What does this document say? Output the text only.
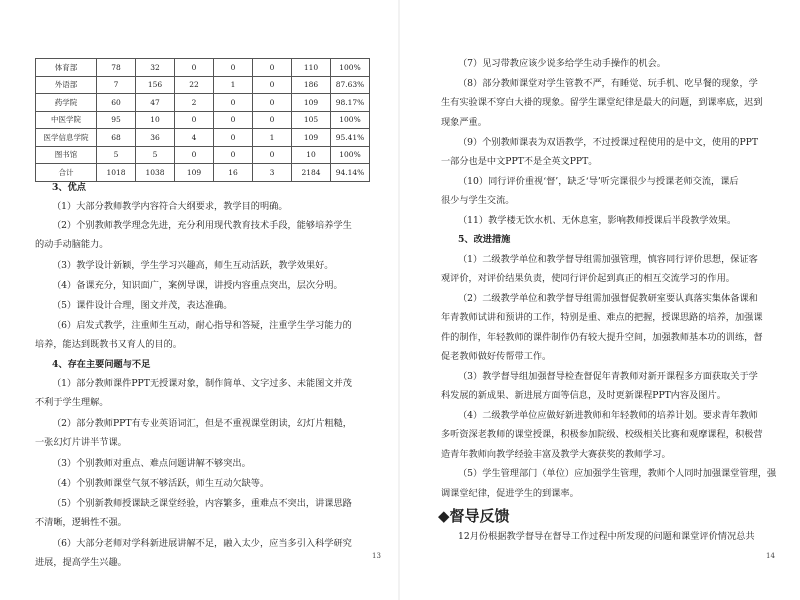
体育部	78	32	0	0	0	110	100%
外语部	7	156	22	1	0	186	87.63%
药学院	60	47	2	0	0	109	98.17%
中医学院	95	10	0	0	0	105	100%
医学信息学院	68	36	4	0	1	109	95.41%
图书馆	5	5	0	0	0	10	100%
合计	1018	1038	109	16	3	2184	94.14%
3、优点
（1）大部分教师教学内容符合大纲要求，教学目的明确。
（2）个别教师教学理念先进，充分利用现代教育技术手段，能够培养学生
的动手动脑能力。
（3）教学设计新颖，学生学习兴趣高，师生互动活跃，教学效果好。
（4）备课充分，知识面广，案例导课，讲授内容重点突出，层次分明。
（5）课件设计合理，图文并茂，表达准确。
（6）启发式教学，注重师生互动，耐心指导和答疑，注重学生学习能力的
培养，能达到既教书又育人的目的。
4、存在主要问题与不足
（1）部分教师课件PPT无授课对象，制作简单、文字过多、未能图文并茂
不利于学生理解。
（2）部分教师PPT有专业英语词汇，但是不重视课堂朗读，幻灯片粗糙，
一张幻灯片讲半节课。
（3）个别教师对重点、难点问题讲解不够突出。
（4）个别教师课堂气氛不够活跃，师生互动欠缺等。
（5）个别新教师授课缺乏课堂经验，内容繁多，重难点不突出，讲课思路
不清晰，逻辑性不强。
（6）大部分老师对学科新进展讲解不足，融入太少，应当多引入科学研究
进展，提高学生兴趣。
13
（7）见习带教应该少说多给学生动手操作的机会。
（8）部分教师课堂对学生管教不严，有睡觉、玩手机、吃早餐的现象，学
生有实验课不穿白大褂的现象。留学生课堂纪律是最大的问题，到课率底，迟到
现象严重。
（9）个别教师课表为双语教学，不过授课过程使用的是中文，使用的PPT
一部分也是中文PPT不是全英文PPT。
（10）同行评价重视‘督’，缺乏‘导’听完课很少与授课老师交流，课后
很少与学生交流。
（11）教学楼无饮水机、无休息室，影响教师授课后半段教学效果。
5、改进措施
（1）二级教学单位和教学督导组需加强管理，慎容同行评价思想，保证客
观评价，对评价结果负责，使同行评价起到真正的相互交流学习的作用。
（2）二级教学单位和教学督导组需加强督促教研室要认真落实集体备课和
年青教师试讲和预讲的工作，特别是重、难点的把握，授课思路的培养，加强课
件的制作，年轻教师的课件制作仍有较大提升空间，加强教师基本功的训练，督
促老教师做好传帮带工作。
（3）教学督导组加强督导检查督促年青教师对新开课程多方面获取关于学
科发展的新成果、新进展方面等信息，及时更新课程PPT内容及图片。
（4）二级教学单位应做好新进教师和年轻教师的培养计划。要求青年教师
多听资深老教师的课堂授课，积极参加院级、校级相关比赛和观摩课程，积极营
造青年教师向教学经验丰富及教学大赛获奖的教师学习。
（5）学生管理部门（单位）应加强学生管理，教师个人同时加强课堂管理，强
调课堂纪律，促进学生的到课率。
◆督导反馈
12月份根据教学督导在督导工作过程中所发现的问题和课堂评价情况总共
14
